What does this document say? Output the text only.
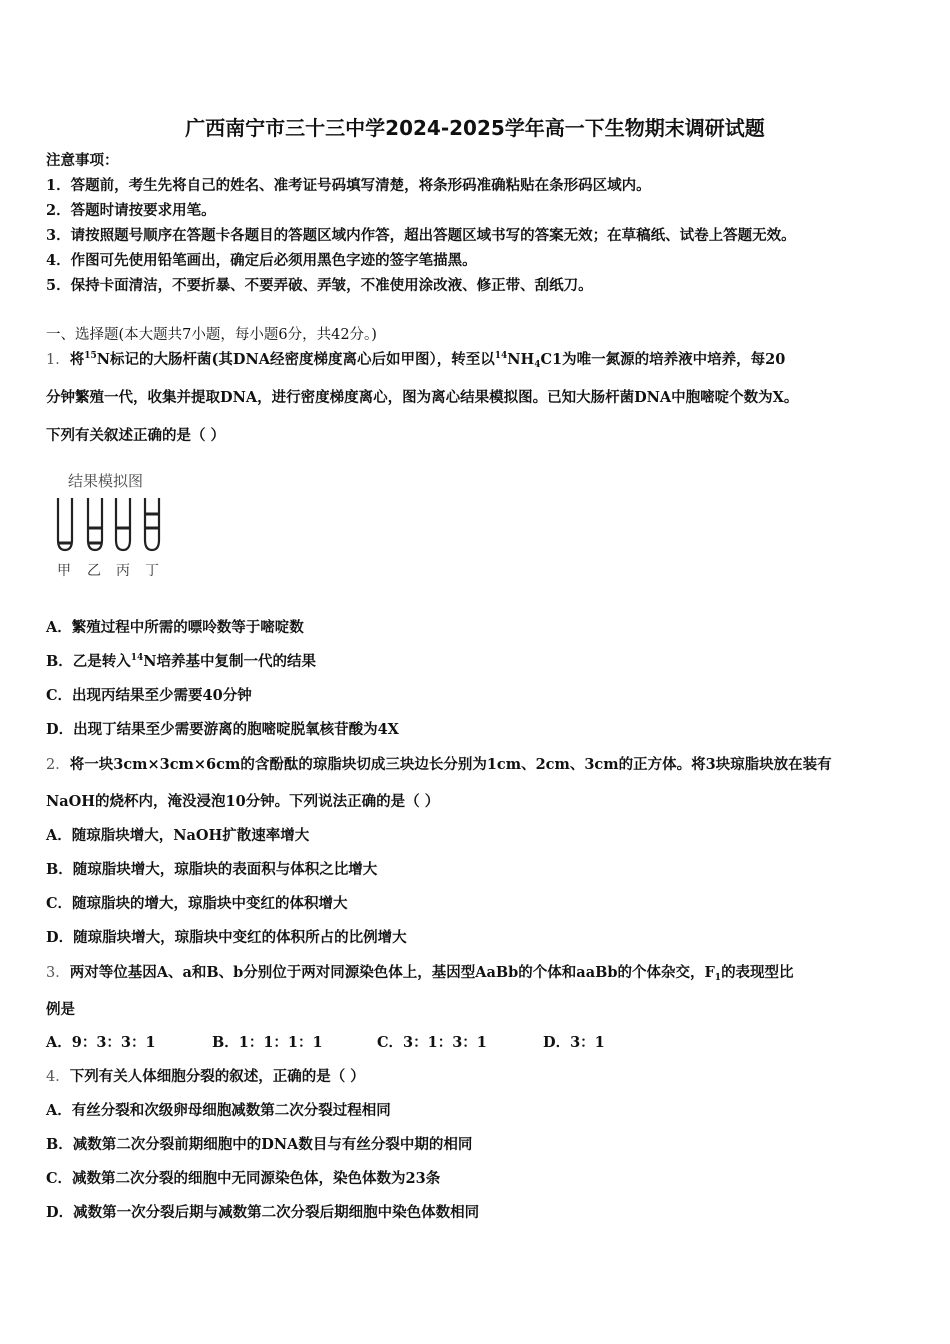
广西南宁市三十三中学2024-2025学年高一下生物期末调研试题
注意事项：
1．答题前，考生先将自己的姓名、准考证号码填写清楚，将条形码准确粘贴在条形码区域内。
2．答题时请按要求用笔。
3．请按照题号顺序在答题卡各题目的答题区域内作答，超出答题区域书写的答案无效；在草稿纸、试卷上答题无效。
4．作图可先使用铅笔画出，确定后必须用黑色字迹的签字笔描黑。
5．保持卡面清洁，不要折暴、不要弄破、弄皱，不准使用涂改液、修正带、刮纸刀。
一、选择题(本大题共7小题，每小题6分，共42分。)
1．将$^{15}$N标记的大肠杆菌(其DNA经密度梯度离心后如甲图），转至以$^{14}NH_4C1$为唯一氮源的培养液中培养，每20
分钟繁殖一代，收集并提取DNA，进行密度梯度离心，图为离心结果模拟图。已知大肠杆菌DNA中胞嘧啶个数为X。
下列有关叙述正确的是（ ）
结果模拟图
甲 乙 丙 丁
A．繁殖过程中所需的嘌呤数等于嘧啶数
B．乙是转入$^{14}$N培养基中复制一代的结果
C．出现丙结果至少需要40分钟
D．出现丁结果至少需要游离的胞嘧啶脱氧核苷酸为4X
2．将一块3cm×3cm×6cm的含酚酞的琼脂块切成三块边长分别为1cm、2cm、3cm的正方体。将3块琼脂块放在装有
NaOH的烧杯内，淹没浸泡10分钟。下列说法正确的是（ ）
A．随琼脂块增大，NaOH扩散速率增大
B．随琼脂块增大，琼脂块的表面积与体积之比增大
C．随琼脂块的增大，琼脂块中变红的体积增大
D．随琼脂块增大，琼脂块中变红的体积所占的比例增大
3．两对等位基因A、a和B、b分别位于两对同源染色体上，基因型AaBb的个体和aaBb的个体杂交，$F_1$的表现型比
例是
A．9：3：3：1	B．1：1：1：1	C．3：1：3：1	D．3：1
4．下列有关人体细胞分裂的叙述，正确的是（ ）
A．有丝分裂和次级卵母细胞减数第二次分裂过程相同
B．减数第二次分裂前期细胞中的DNA数目与有丝分裂中期的相同
C．减数第二次分裂的细胞中无同源染色体，染色体数为23条
D．减数第一次分裂后期与减数第二次分裂后期细胞中染色体数相同
